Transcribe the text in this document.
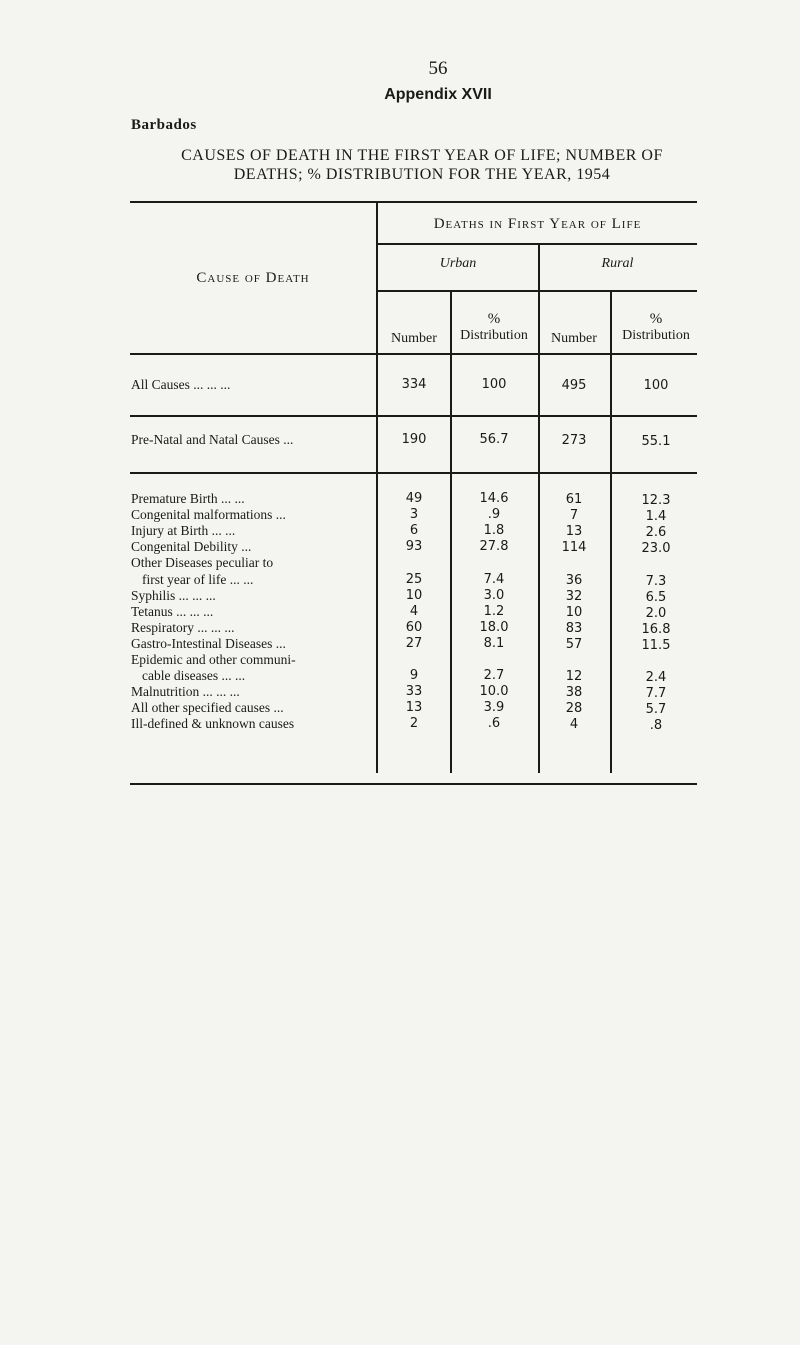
56
Appendix XVII
Barbados
CAUSES OF DEATH IN THE FIRST YEAR OF LIFE; NUMBER OF
DEATHS; % DISTRIBUTION FOR THE YEAR, 1954
Deaths in First Year of Life
Cause of Death
Urban	Rural
Number
%
Distribution	Number
%
Distribution
All Causes ... ... ...	334	100	495	100
Pre-Natal and Natal Causes ...	190	56.7	273	55.1
Premature Birth ... ...	49	14.6	61	12.3
Congenital malformations ...	3	.9	7	1.4
Injury at Birth ... ...	6	1.8	13	2.6
Congenital Debility ...	93	27.8	114	23.0
Other Diseases peculiar to
first year of life ... ...	25	7.4	36	7.3
Syphilis ... ... ...	10	3.0	32	6.5
Tetanus ... ... ...	4	1.2	10	2.0
Respiratory ... ... ...	60	18.0	83	16.8
Gastro-Intestinal Diseases ...	27	8.1	57	11.5
Epidemic and other communi-
cable diseases ... ...	9	2.7	12	2.4
Malnutrition ... ... ...	33	10.0	38	7.7
All other specified causes ...	13	3.9	28	5.7
Ill-defined & unknown causes	2	.6	4	.8
